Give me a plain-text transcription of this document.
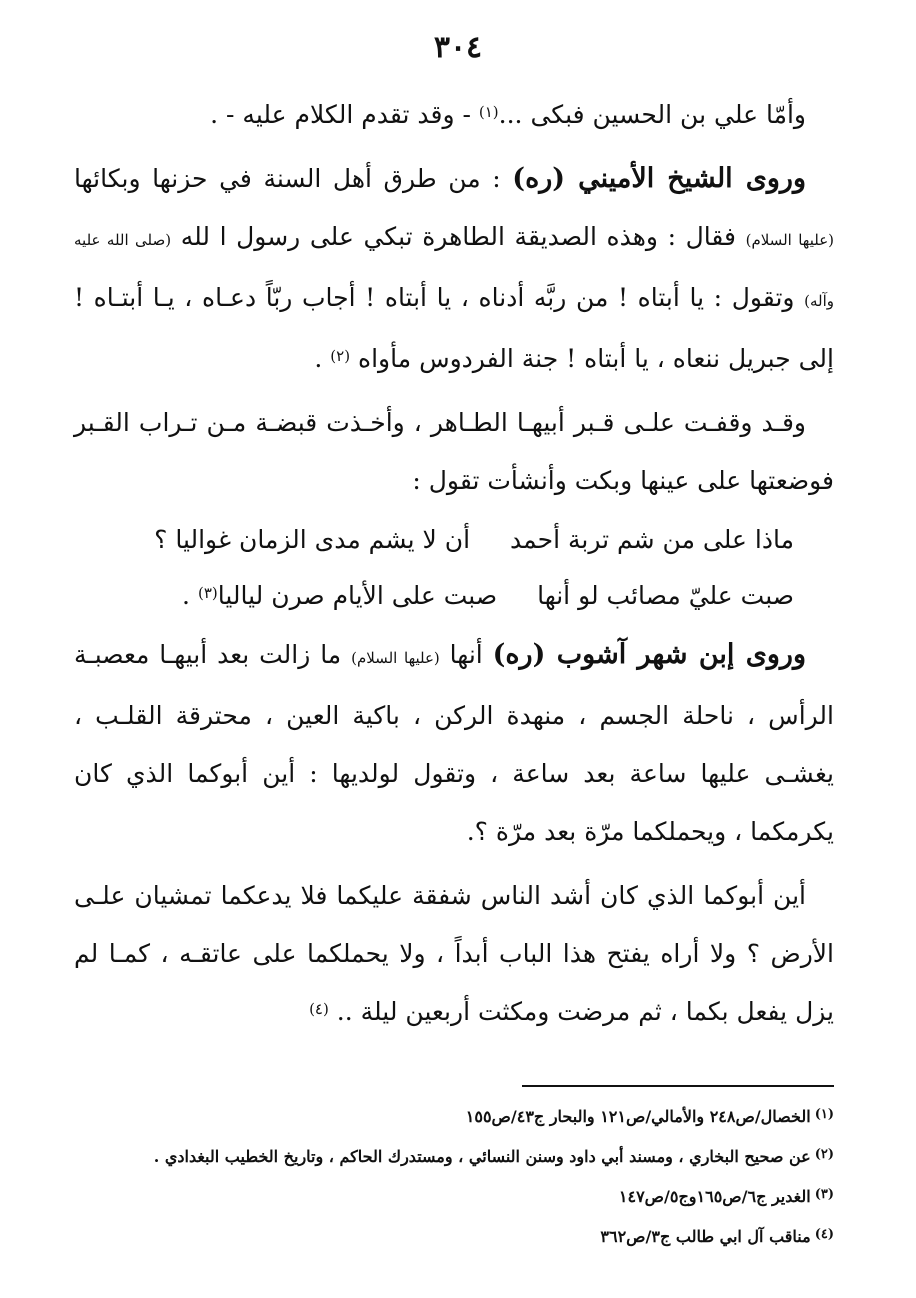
٣٠٤

وأمّا علي بن الحسين فبكى ...$^{(١)}$ - وقد تقدم الكلام عليه - .

وروى الشيخ الأميني (ره) : من طرق أهل السنة في حزنها وبكائها (عليها السلام) فقال : وهذه الصديقة الطاهرة تبكي على رسول ا لله (صلى الله عليه وآله) وتقول : يا أبتاه ! من ربَّه أدناه ، يا أبتاه ! أجاب ربّاً دعـاه ، يـا أبتـاه ! إلى جبريل ننعاه ، يا أبتاه ! جنة الفردوس مأواه $^{(٢)}$ .

وقـد وقفـت علـى قـبر أبيهـا الطـاهر ، وأخـذت قبضـة مـن تـراب القـبر فوضعتها على عينها وبكت وأنشأت تقول :

ماذا على من شم تربة أحمد
أن لا يشم مدى الزمان غواليا ؟
صبت عليّ مصائب لو أنها
صبت على الأيام صرن لياليا$^{(٣)}$ .

وروى إبن شهر آشوب (ره) أنها (عليها السلام) ما زالت بعد أبيهـا معصبـة الرأس ، ناحلة الجسم ، منهدة الركن ، باكية العين ، محترقة القلـب ، يغشـى عليها ساعة بعد ساعة ، وتقول لولديها : أين أبوكما الذي كان يكرمكما ، ويحملكما مرّة بعد مرّة ؟.

أين أبوكما الذي كان أشد الناس شفقة عليكما فلا يدعكما تمشيان علـى الأرض ؟ ولا أراه يفتح هذا الباب أبداً ، ولا يحملكما على عاتقـه ، كمـا لم يزل يفعل بكما ، ثم مرضت ومكثت أربعين ليلة .. $^{(٤)}$

$^{(١)}$الخصال/ص٢٤٨ والأمالي/ص١٢١ والبحار ج٤٣/ص١٥٥

$^{(٢)}$عن صحيح البخاري ، ومسند أبي داود وسنن النسائي ، ومستدرك الحاكم ، وتاريخ الخطيب البغدادي .

$^{(٣)}$الغدير ج٦/ص١٦٥وج٥/ص١٤٧

$^{(٤)}$مناقب آل ابي طالب ج٣/ص٣٦٢
